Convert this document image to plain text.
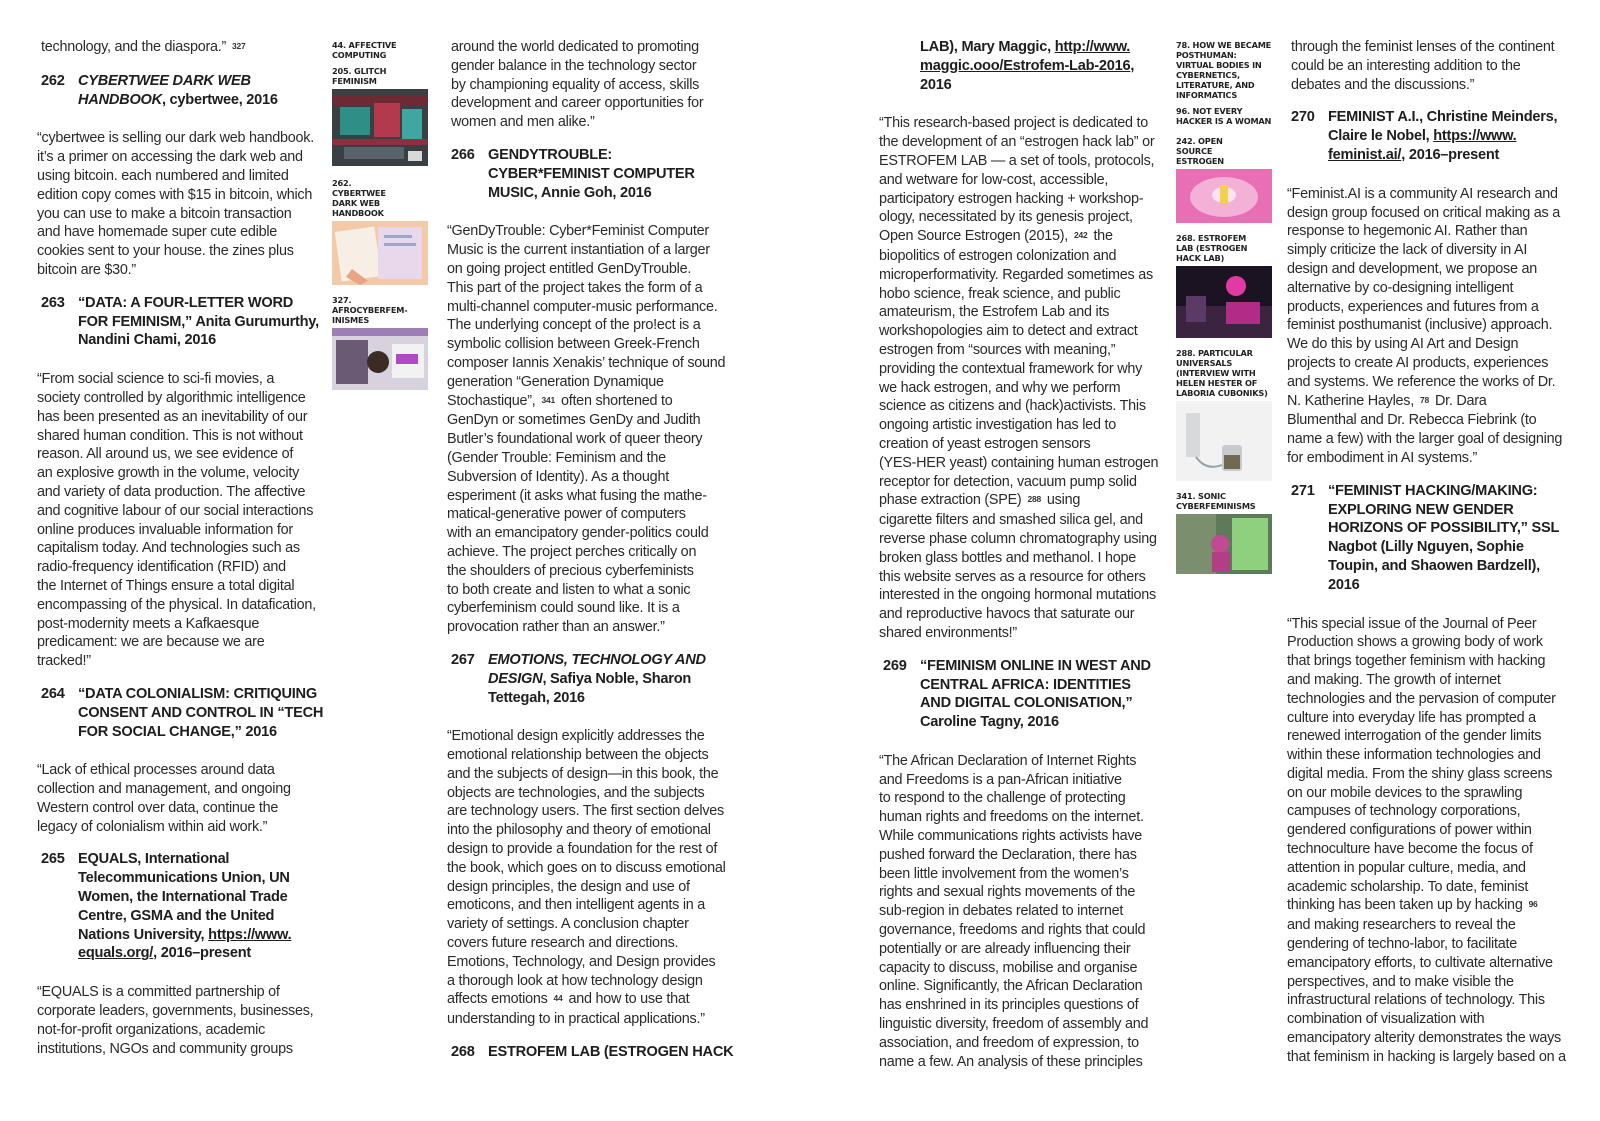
technology, and the diaspora.” 327

262 CYBERTWEE DARK WEB HANDBOOK, cybertwee, 2016
“cybertwee is selling our dark web handbook.
it’s a primer on accessing the dark web and
using bitcoin. each numbered and limited
edition copy comes with $15 in bitcoin, which
you can use to make a bitcoin transaction
and have homemade super cute edible
cookies sent to your house. the zines plus
bitcoin are $30.”
263 “DATA: A FOUR-LETTER WORD
FOR FEMINISM,” Anita Gurumurthy,
Nandini Chami, 2016
“From social science to sci-fi movies, a
society controlled by algorithmic intelligence
has been presented as an inevitability of our
shared human condition. This is not without
reason. All around us, we see evidence of
an explosive growth in the volume, velocity
and variety of data production. The affective
and cognitive labour of our social interactions
online produces invaluable information for
capitalism today. And technologies such as
radio-frequency identification (RFID) and
the Internet of Things ensure a total digital
encompassing of the physical. In datafication,
post-modernity meets a Kafkaesque
predicament: we are because we are
tracked!”
264 “DATA COLONIALISM: CRITIQUING
CONSENT AND CONTROL IN “TECH
FOR SOCIAL CHANGE,” 2016
“Lack of ethical processes around data
collection and management, and ongoing
Western control over data, continue the
legacy of colonialism within aid work.”
265 EQUALS, International
Telecommunications Union, UN
Women, the International Trade
Centre, GSMA and the United
Nations University, https://www.
equals.org/, 2016–present
“EQUALS is a committed partnership of
corporate leaders, governments, businesses,
not-for-profit organizations, academic
institutions, NGOs and community groups
44. AFFECTIVE COMPUTING
205. GLITCH FEMINISM
262. CYBERTWEE DARK WEB HANDBOOK
327. AFROCYBERFEM-INISMES
around the world dedicated to promoting
gender balance in the technology sector
by championing equality of access, skills
development and career opportunities for
women and men alike.”
266 GENDYTROUBLE:
CYBER*FEMINIST COMPUTER
MUSIC, Annie Goh, 2016
“GenDyTrouble: Cyber*Feminist Computer
Music is the current instantiation of a larger
on going project entitled GenDyTrouble.
This part of the project takes the form of a
multi-channel computer-music performance.
The underlying concept of the pro!ect is a
symbolic collision between Greek-French
composer Iannis Xenakis’ technique of sound
generation “Generation Dynamique
Stochastique”, 341 often shortened to
GenDyn or sometimes GenDy and Judith
Butler’s foundational work of queer theory
(Gender Trouble: Feminism and the
Subversion of Identity). As a thought
esperiment (it asks what fusing the mathe-
matical-generative power of computers
with an emancipatory gender-politics could
achieve. The project perches critically on
the shoulders of precious cyberfeminists
to both create and listen to what a sonic
cyberfeminism could sound like. It is a
provocation rather than an answer.”
267 EMOTIONS, TECHNOLOGY AND
DESIGN, Safiya Noble, Sharon
Tettegah, 2016
“Emotional design explicitly addresses the
emotional relationship between the objects
and the subjects of design—in this book, the
objects are technologies, and the subjects
are technology users. The first section delves
into the philosophy and theory of emotional
design to provide a foundation for the rest of
the book, which goes on to discuss emotional
design principles, the design and use of
emoticons, and then intelligent agents in a
variety of settings. A conclusion chapter
covers future research and directions.
Emotions, Technology, and Design provides
a thorough look at how technology design
affects emotions 44 and how to use that
understanding to in practical applications.”
268 ESTROFEM LAB (ESTROGEN HACK
LAB), Mary Maggic, http://www.
maggic.ooo/Estrofem-Lab-2016,
2016
“This research-based project is dedicated to
the development of an “estrogen hack lab” or
ESTROFEM LAB — a set of tools, protocols,
and wetware for low-cost, accessible,
participatory estrogen hacking + workshop-
ology, necessitated by its genesis project,
Open Source Estrogen (2015), 242 the
biopolitics of estrogen colonization and
microperformativity. Regarded sometimes as
hobo science, freak science, and public
amateurism, the Estrofem Lab and its
workshopologies aim to detect and extract
estrogen from “sources with meaning,”
providing the contextual framework for why
we hack estrogen, and why we perform
science as citizens and (hack)activists. This
ongoing artistic investigation has led to
creation of yeast estrogen sensors
(YES-HER yeast) containing human estrogen
receptor for detection, vacuum pump solid
phase extraction (SPE) 288 using
cigarette filters and smashed silica gel, and
reverse phase column chromatography using
broken glass bottles and methanol. I hope
this website serves as a resource for others
interested in the ongoing hormonal mutations
and reproductive havocs that saturate our
shared environments!”
269 “FEMINISM ONLINE IN WEST AND
CENTRAL AFRICA: IDENTITIES
AND DIGITAL COLONISATION,”
Caroline Tagny, 2016
“The African Declaration of Internet Rights
and Freedoms is a pan-African initiative
to respond to the challenge of protecting
human rights and freedoms on the internet.
While communications rights activists have
pushed forward the Declaration, there has
been little involvement from the women’s
rights and sexual rights movements of the
sub-region in debates related to internet
governance, freedoms and rights that could
potentially or are already influencing their
capacity to discuss, mobilise and organise
online. Significantly, the African Declaration
has enshrined in its principles questions of
linguistic diversity, freedom of assembly and
association, and freedom of expression, to
name a few. An analysis of these principles
78. HOW WE BECAME POSTHUMAN: VIRTUAL BODIES IN CYBERNETICS, LITERATURE, AND INFORMATICS
96. NOT EVERY HACKER IS A WOMAN
242. OPEN SOURCE ESTROGEN
268. ESTROFEM LAB (ESTROGEN HACK LAB)
288. PARTICULAR UNIVERSALS (INTERVIEW WITH HELEN HESTER OF LABORIA CUBONIKS)
341. SONIC CYBERFEMINISMS
through the feminist lenses of the continent
could be an interesting addition to the
debates and the discussions.”
270 FEMINIST A.I., Christine Meinders,
Claire le Nobel, https://www.
feminist.ai/, 2016–present
“Feminist.AI is a community AI research and
design group focused on critical making as a
response to hegemonic AI. Rather than
simply criticize the lack of diversity in AI
design and development, we propose an
alternative by co-designing intelligent
products, experiences and futures from a
feminist posthumanist (inclusive) approach.
We do this by using AI Art and Design
projects to create AI products, experiences
and systems. We reference the works of Dr.
N. Katherine Hayles, 78 Dr. Dara
Blumenthal and Dr. Rebecca Fiebrink (to
name a few) with the larger goal of designing
for embodiment in AI systems.”
271 “FEMINIST HACKING/MAKING:
EXPLORING NEW GENDER
HORIZONS OF POSSIBILITY,” SSL
Nagbot (Lilly Nguyen, Sophie
Toupin, and Shaowen Bardzell),
2016
“This special issue of the Journal of Peer
Production shows a growing body of work
that brings together feminism with hacking
and making. The growth of internet
technologies and the pervasion of computer
culture into everyday life has prompted a
renewed interrogation of the gender limits
within these information technologies and
digital media. From the shiny glass screens
on our mobile devices to the sprawling
campuses of technology corporations,
gendered configurations of power within
technoculture have become the focus of
attention in popular culture, media, and
academic scholarship. To date, feminist
thinking has been taken up by hacking 96
and making researchers to reveal the
gendering of techno-labor, to facilitate
emancipatory efforts, to cultivate alternative
perspectives, and to make visible the
infrastructural relations of technology. This
combination of visualization with
emancipatory alterity demonstrates the ways
that feminism in hacking is largely based on a
